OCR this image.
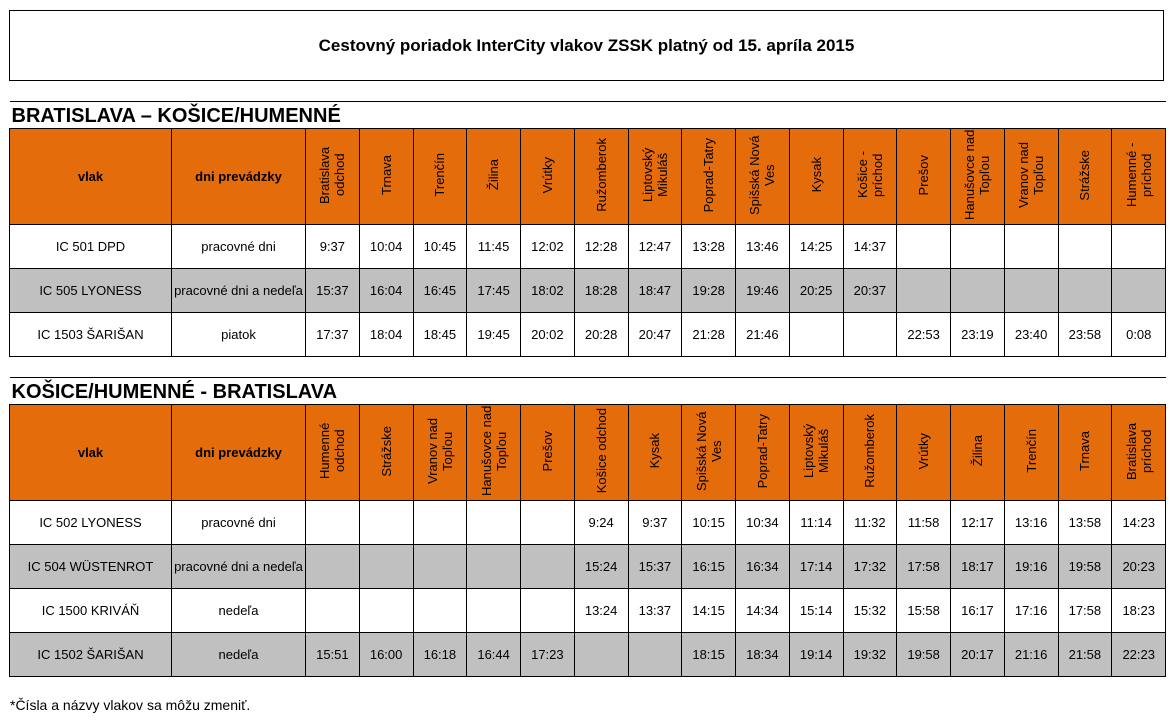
Cestovný poriadok InterCity vlakov ZSSK platný od 15. apríla 2015
BRATISLAVA – KOŠICE/HUMENNÉ																	
vlak	dni prevádzky	Bratislava odchod	Trnava	Trenčín	Žilina	Vrútky	Ružomberok	Liptovský Mikuláš	Poprad-Tatry	Spišská Nová Ves	Kysak	Košice - príchod	Prešov	Hanušovce nad Topľou	Vranov nad Topľou	Strážske	Humenné - príchod
IC 501 DPD	pracovné dni	9:37	10:04	10:45	11:45	12:02	12:28	12:47	13:28	13:46	14:25	14:37					
IC 505 LYONESS	pracovné dni a nedeľa	15:37	16:04	16:45	17:45	18:02	18:28	18:47	19:28	19:46	20:25	20:37					
IC 1503 ŠARIŠAN	piatok	17:37	18:04	18:45	19:45	20:02	20:28	20:47	21:28	21:46			22:53	23:19	23:40	23:58	0:08
KOŠICE/HUMENNÉ - BRATISLAVA																	
vlak	dni prevádzky	Humenné odchod	Strážske	Vranov nad Topľou	Hanušovce nad Topľou	Prešov	Košice odchod	Kysak	Spišská Nová Ves	Poprad-Tatry	Liptovský Mikuláš	Ružomberok	Vrútky	Žilina	Trenčín	Trnava	Bratislava príchod
IC 502 LYONESS	pracovné dni						9:24	9:37	10:15	10:34	11:14	11:32	11:58	12:17	13:16	13:58	14:23
IC 504 WÜSTENROT	pracovné dni a nedeľa						15:24	15:37	16:15	16:34	17:14	17:32	17:58	18:17	19:16	19:58	20:23
IC 1500 KRIVÁŇ	nedeľa						13:24	13:37	14:15	14:34	15:14	15:32	15:58	16:17	17:16	17:58	18:23
IC 1502 ŠARIŠAN	nedeľa	15:51	16:00	16:18	16:44	17:23			18:15	18:34	19:14	19:32	19:58	20:17	21:16	21:58	22:23
*Čísla a názvy vlakov sa môžu zmeniť.
